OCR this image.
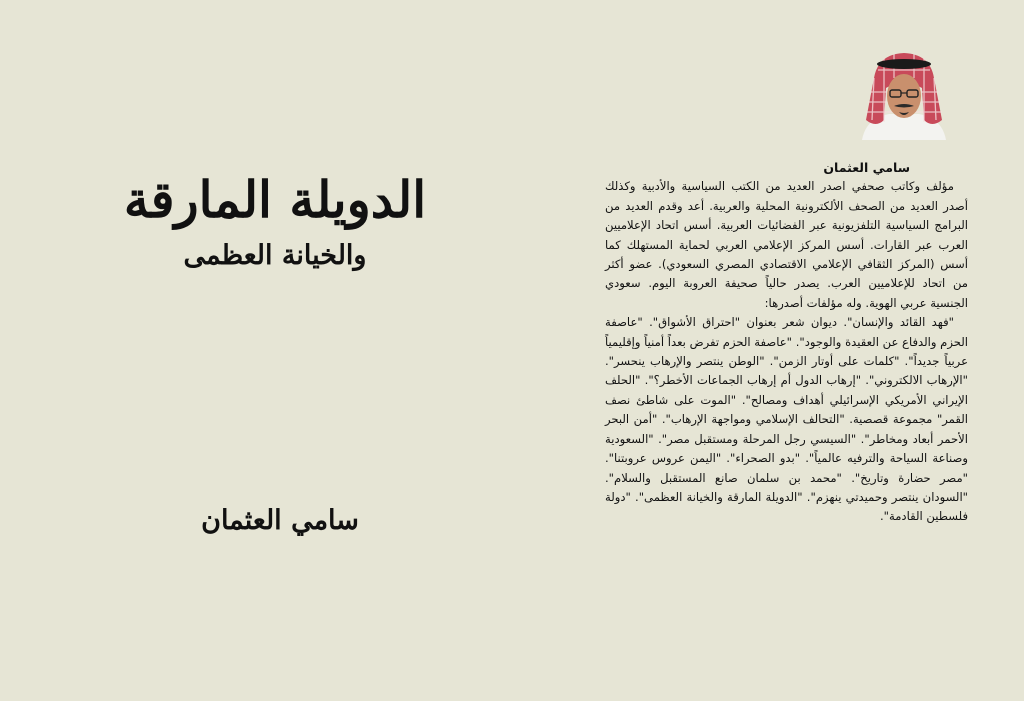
الدويلة المارقة
والخيانة العظمى
سامي العثمان

سامي العثمان

مؤلف وكاتب صحفي اصدر العديد من الكتب السياسية والأدبية وكذلك أصدر العديد من الصحف الألكترونية المحلية والعربية. أعد وقدم العديد من البرامج السياسية التلفزيونية عبر الفضائيات العربية. أسس اتحاد الإعلاميين العرب عبر القارات. أسس المركز الإعلامي العربي لحماية المستهلك كما أسس (المركز الثقافي الإعلامي الاقتصادي المصري السعودي). عضو أكثر من اتحاد للإعلاميين العرب. يصدر حالياً صحيفة العروبة اليوم. سعودي الجنسية عربي الهوية. وله مؤلفات أصدرها:

"فهد القائد والإنسان". ديوان شعر بعنوان "احتراق الأشواق". "عاصفة الحزم والدفاع عن العقيدة والوجود". "عاصفة الحزم تفرض بعداً أمنياً وإقليمياً عربياً جديداً". "كلمات على أوتار الزمن". "الوطن ينتصر والإرهاب ينحسر". "الإرهاب الالكتروني". "إرهاب الدول أم إرهاب الجماعات الأخطر؟". "الحلف الإيراني الأمريكي الإسرائيلي أهداف ومصالح". "الموت على شاطئ نصف القمر" مجموعة قصصية. "التحالف الإسلامي ومواجهة الإرهاب". "أمن البحر الأحمر أبعاد ومخاطر". "السيسي رجل المرحلة ومستقبل مصر". "السعودية وصناعة السياحة والترفيه عالمياً". "بدو الصحراء". "اليمن عروس عروبتنا". "مصر حضارة وتاريخ". "محمد بن سلمان صانع المستقبل والسلام". "السودان ينتصر وحميدتي ينهزم". "الدويلة المارقة والخيانة العظمى". "دولة فلسطين القادمة".
